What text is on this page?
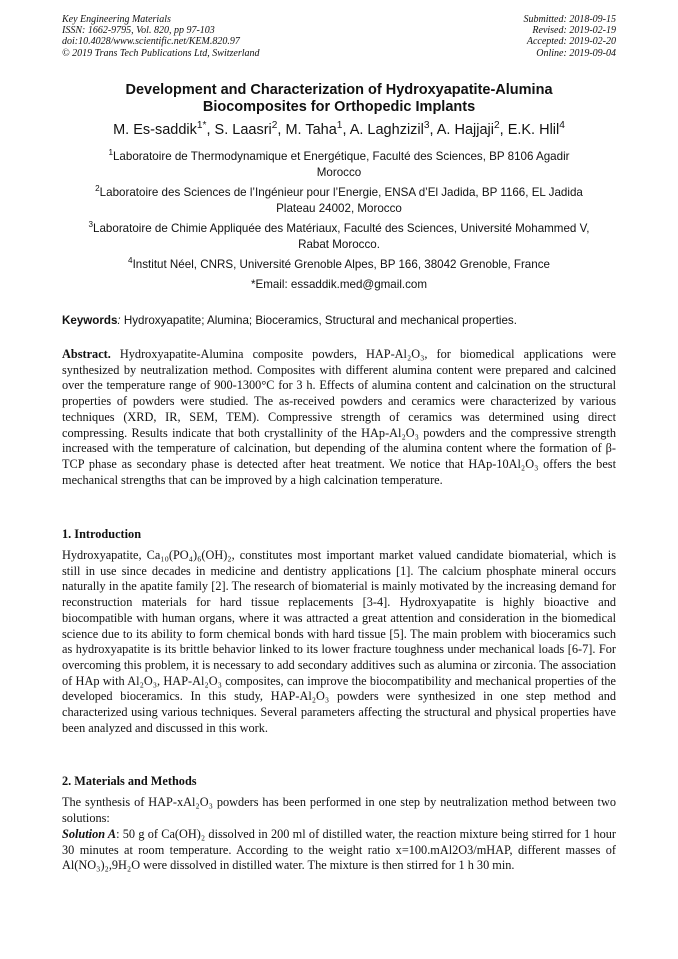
Key Engineering Materials
ISSN: 1662-9795, Vol. 820, pp 97-103
doi:10.4028/www.scientific.net/KEM.820.97
© 2019 Trans Tech Publications Ltd, Switzerland
Submitted: 2018-09-15
Revised: 2019-02-19
Accepted: 2019-02-20
Online: 2019-09-04
Development and Characterization of Hydroxyapatite-Alumina
Biocomposites for Orthopedic Implants
M. Es-saddik$^{1*}$, S. Laasri$^2$, M. Taha$^1$, A. Laghzizil$^3$, A. Hajjaji$^2$, E.K. Hlil$^4$
$^1$Laboratoire de Thermodynamique et Energétique, Faculté des Sciences, BP 8106 Agadir
Morocco
$^2$Laboratoire des Sciences de l’Ingénieur pour l’Energie, ENSA d’El Jadida, BP 1166, EL Jadida
Plateau 24002, Morocco
$^3$Laboratoire de Chimie Appliquée des Matériaux, Faculté des Sciences, Université Mohammed V,
Rabat Morocco.
$^4$Institut Néel, CNRS, Université Grenoble Alpes, BP 166, 38042 Grenoble, France
*Email: essaddik.med@gmail.com
Keywords: Hydroxyapatite; Alumina; Bioceramics, Structural and mechanical properties.

Abstract. Hydroxyapatite-Alumina composite powders, HAP-Al₂O₃, for biomedical applications were synthesized by neutralization method. Composites with different alumina content were prepared and calcined over the temperature range of 900-1300°C for 3 h. Effects of alumina content and calcination on the structural properties of powders were studied. The as-received powders and ceramics were characterized by various techniques (XRD, IR, SEM, TEM). Compressive strength of ceramics was determined using direct compressing. Results indicate that both crystallinity of the HAp-Al₂O₃ powders and the compressive strength increased with the temperature of calcination, but depending of the alumina content where the formation of β-TCP phase as secondary phase is detected after heat treatment. We notice that HAp-10Al₂O₃ offers the best mechanical strengths that can be improved by a high calcination temperature.

1. Introduction
Hydroxyapatite, Ca₁₀(PO₄)₆(OH)₂, constitutes most important market valued candidate biomaterial, which is still in use since decades in medicine and dentistry applications [1]. The calcium phosphate mineral occurs naturally in the apatite family [2]. The research of biomaterial is mainly motivated by the increasing demand for reconstruction materials for hard tissue replacements [3-4]. Hydroxyapatite is highly bioactive and biocompatible with human organs, where it was attracted a great attention and consideration in the biomedical science due to its ability to form chemical bonds with hard tissue [5]. The main problem with bioceramics such as hydroxyapatite is its brittle behavior linked to its lower fracture toughness under mechanical loads [6-7]. For overcoming this problem, it is necessary to add secondary additives such as alumina or zirconia. The association of HAp with Al₂O₃, HAP-Al₂O₃ composites, can improve the biocompatibility and mechanical properties of the developed bioceramics. In this study, HAP-Al₂O₃ powders were synthesized in one step method and characterized using various techniques. Several parameters affecting the structural and physical properties have been analyzed and discussed in this work.
2. Materials and Methods
The synthesis of HAP-xAl₂O₃ powders has been performed in one step by neutralization method between two solutions:

Solution A: 50 g of Ca(OH)₂ dissolved in 200 ml of distilled water, the reaction mixture being stirred for 1 hour 30 minutes at room temperature. According to the weight ratio x=100.mAl2O3/mHAP, different masses of Al(NO₃)₂,9H₂O were dissolved in distilled water. The mixture is then stirred for 1 h 30 min.
